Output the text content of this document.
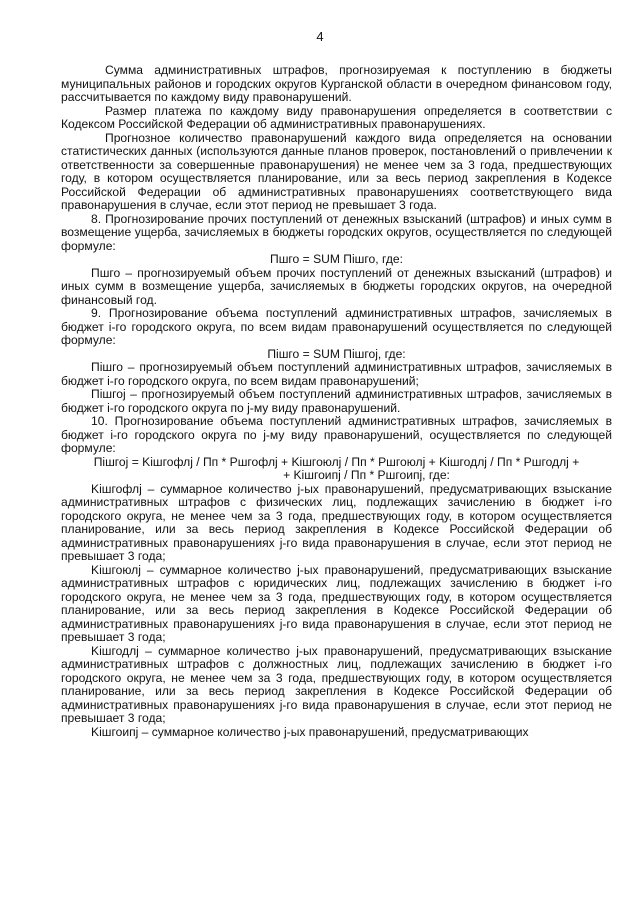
4

Сумма административных штрафов, прогнозируемая к поступлению в бюджеты муниципальных районов и городских округов Курганской области в очередном финансовом году, рассчитывается по каждому виду правонарушений.

Размер платежа по каждому виду правонарушения определяется в соответствии с Кодексом Российской Федерации об административных правонарушениях.

Прогнозное количество правонарушений каждого вида определяется на основании статистических данных (используются данные планов проверок, постановлений о привлечении к ответственности за совершенные правонарушения) не менее чем за 3 года, предшествующих году, в котором осуществляется планирование, или за весь период закрепления в Кодексе Российской Федерации об административных правонарушениях соответствующего вида правонарушения в случае, если этот период не превышает 3 года.

8. Прогнозирование прочих поступлений от денежных взысканий (штрафов) и иных сумм в возмещение ущерба, зачисляемых в бюджеты городских округов, осуществляется по следующей формуле:

Пшго = SUM Пiшго, где:

Пшго – прогнозируемый объем прочих поступлений от денежных взысканий (штрафов) и иных сумм в возмещение ущерба, зачисляемых в бюджеты городских округов, на очередной финансовый год.

9. Прогнозирование объема поступлений административных штрафов, зачисляемых в бюджет i-го городского округа, по всем видам правонарушений осуществляется по следующей формуле:

Пiшго = SUM Пiшгоj, где:

Пiшго – прогнозируемый объем поступлений административных штрафов, зачисляемых в бюджет i-го городского округа, по всем видам правонарушений;

Пiшгоj – прогнозируемый объем поступлений административных штрафов, зачисляемых в бюджет i-го городского округа по j-му виду правонарушений.

10. Прогнозирование объема поступлений административных штрафов, зачисляемых в бюджет i-го городского округа по j-му виду правонарушений, осуществляется по следующей формуле:

Пiшгоj = Kiшгофлj / Пп * Ршгофлj + Kiшгоюлj / Пп * Ршгоюлj + Kiшгодлj / Пп * Ршгодлj +

+ Kiшгоипj / Пп * Ршгоипj, где:

Kiшгофлj – суммарное количество j-ых правонарушений, предусматривающих взыскание административных штрафов с физических лиц, подлежащих зачислению в бюджет i-го городского округа, не менее чем за 3 года, предшествующих году, в котором осуществляется планирование, или за весь период закрепления в Кодексе Российской Федерации об административных правонарушениях j-го вида правонарушения в случае, если этот период не превышает 3 года;

Kiшгоюлj – суммарное количество j-ых правонарушений, предусматривающих взыскание административных штрафов с юридических лиц, подлежащих зачислению в бюджет i-го городского округа, не менее чем за 3 года, предшествующих году, в котором осуществляется планирование, или за весь период закрепления в Кодексе Российской Федерации об административных правонарушениях j-го вида правонарушения в случае, если этот период не превышает 3 года;

Kiшгодлj – суммарное количество j-ых правонарушений, предусматривающих взыскание административных штрафов с должностных лиц, подлежащих зачислению в бюджет i-го городского округа, не менее чем за 3 года, предшествующих году, в котором осуществляется планирование, или за весь период закрепления в Кодексе Российской Федерации об административных правонарушениях j-го вида правонарушения в случае, если этот период не превышает 3 года;

Kiшгоипj – суммарное количество j-ых правонарушений, предусматривающих
